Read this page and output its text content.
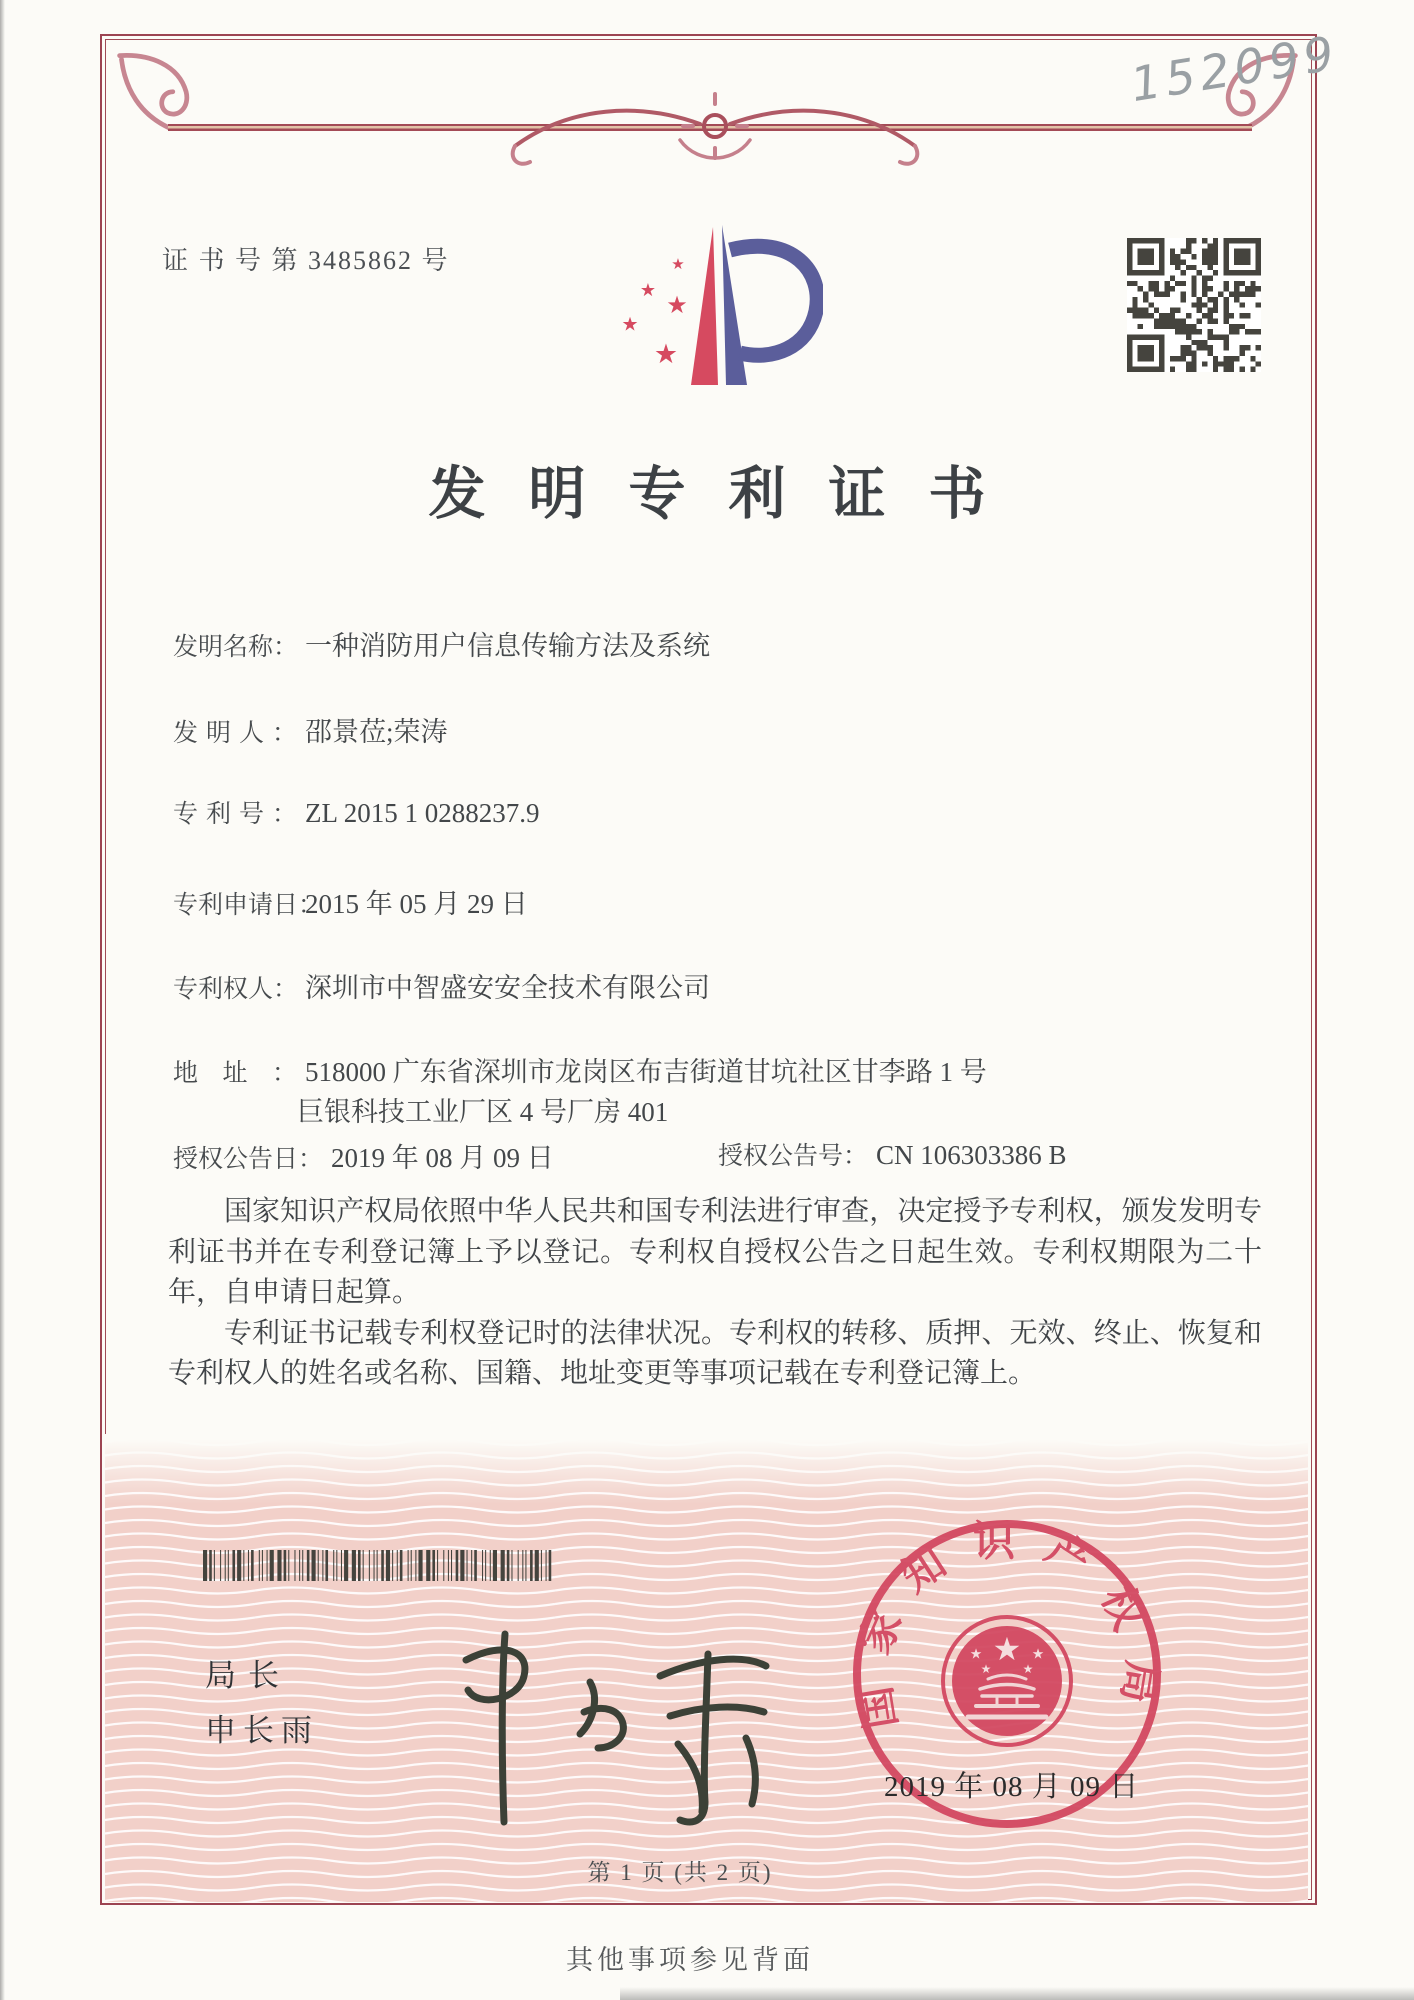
证 书 号 第 3485862 号
152099
★
★
★
★
★
发明专利证书
发明名称： 一种消防用户信息传输方法及系统
发明人： 邵景莅;荣涛
专利号： ZL 2015 1 0288237.9
专利申请日：2015 年 05 月 29 日
专利权人： 深圳市中智盛安安全技术有限公司
地址： 518000 广东省深圳市龙岗区布吉街道甘坑社区甘李路 1 号
巨银科技工业厂区 4 号厂房 401
授权公告日： 2019 年 08 月 09 日	授权公告号： CN 106303386 B

国家知识产权局依照中华人民共和国专利法进行审查，决定授予专利权，颁发发明专利证书并在专利登记簿上予以登记。专利权自授权公告之日起生效。专利权期限为二十年，自申请日起算。

专利证书记载专利权登记时的法律状况。专利权的转移、质押、无效、终止、恢复和专利权人的姓名或名称、国籍、地址变更等事项记载在专利登记簿上。

局长
申长雨	国家知识产权局
★
★	★
★	★
2019 年 08 月 09 日
第 1 页 (共 2 页)
其他事项参见背面
